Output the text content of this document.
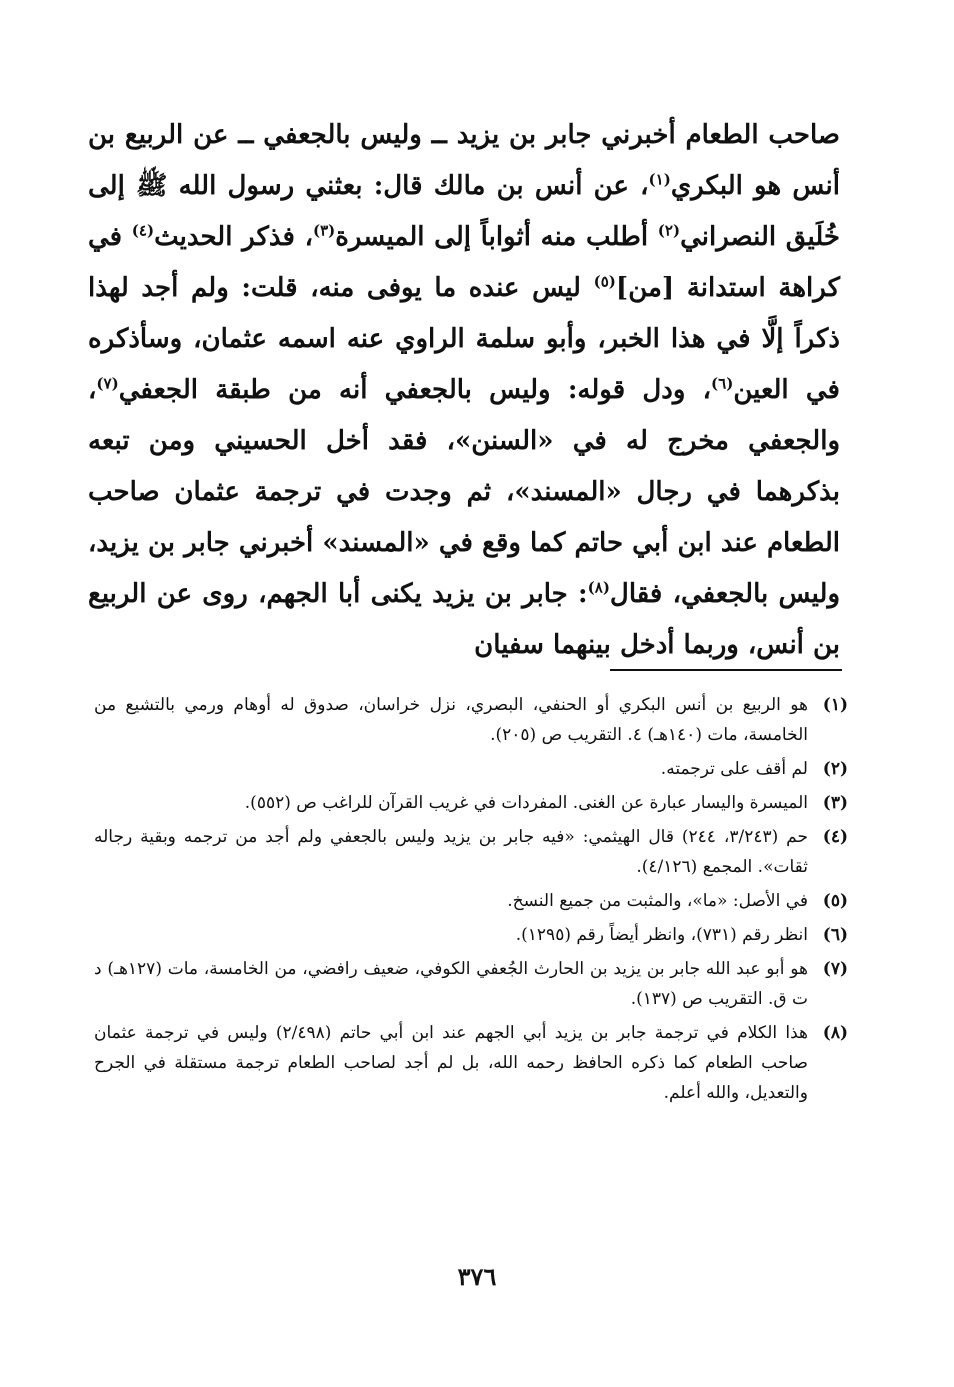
صاحب الطعام أخبرني جابر بن يزيد ــ وليس بالجعفي ــ عن الربيع بن أنس هو البكري$^{(١)}$، عن أنس بن مالك قال: بعثني رسول الله ﷺ إلى خُلَيق النصراني$^{(٢)}$ أطلب منه أثواباً إلى الميسرة$^{(٣)}$، فذكر الحديث$^{(٤)}$ في كراهة استدانة [من]$^{(٥)}$ ليس عنده ما يوفى منه، قلت: ولم أجد لهذا ذكراً إلَّا في هذا الخبر، وأبو سلمة الراوي عنه اسمه عثمان، وسأذكره في العين$^{(٦)}$، ودل قوله: وليس بالجعفي أنه من طبقة الجعفي$^{(٧)}$، والجعفي مخرج له في «السنن»، فقد أخل الحسيني ومن تبعه بذكرهما في رجال «المسند»، ثم وجدت في ترجمة عثمان صاحب الطعام عند ابن أبي حاتم كما وقع في «المسند» أخبرني جابر بن يزيد، وليس بالجعفي، فقال$^{(٨)}$: جابر بن يزيد يكنى أبا الجهم، روى عن الربيع بن أنس، وربما أدخل بينهما سفيان
(١)
هو الربيع بن أنس البكري أو الحنفي، البصري، نزل خراسان، صدوق له أوهام ورمي بالتشيع من الخامسة، مات (١٤٠هـ) ٤. التقريب ص (٢٠٥).
(٢)
لم أقف على ترجمته.
(٣)
الميسرة واليسار عبارة عن الغنى. المفردات في غريب القرآن للراغب ص (٥٥٢).
(٤)
حم (٣/٢٤٣، ٢٤٤) قال الهيثمي: «فيه جابر بن يزيد وليس بالجعفي ولم أجد من ترجمه وبقية رجاله ثقات». المجمع (٤/١٢٦).
(٥)
في الأصل: «ما»، والمثبت من جميع النسخ.
(٦)
انظر رقم (٧٣١)، وانظر أيضاً رقم (١٢٩٥).
(٧)
هو أبو عبد الله جابر بن يزيد بن الحارث الجُعفي الكوفي، ضعيف رافضي، من الخامسة، مات (١٢٧هـ) د ت ق. التقريب ص (١٣٧).
(٨)
هذا الكلام في ترجمة جابر بن يزيد أبي الجهم عند ابن أبي حاتم (٢/٤٩٨) وليس في ترجمة عثمان صاحب الطعام كما ذكره الحافظ رحمه الله، بل لم أجد لصاحب الطعام ترجمة مستقلة في الجرح والتعديل، والله أعلم.
٣٧٦
